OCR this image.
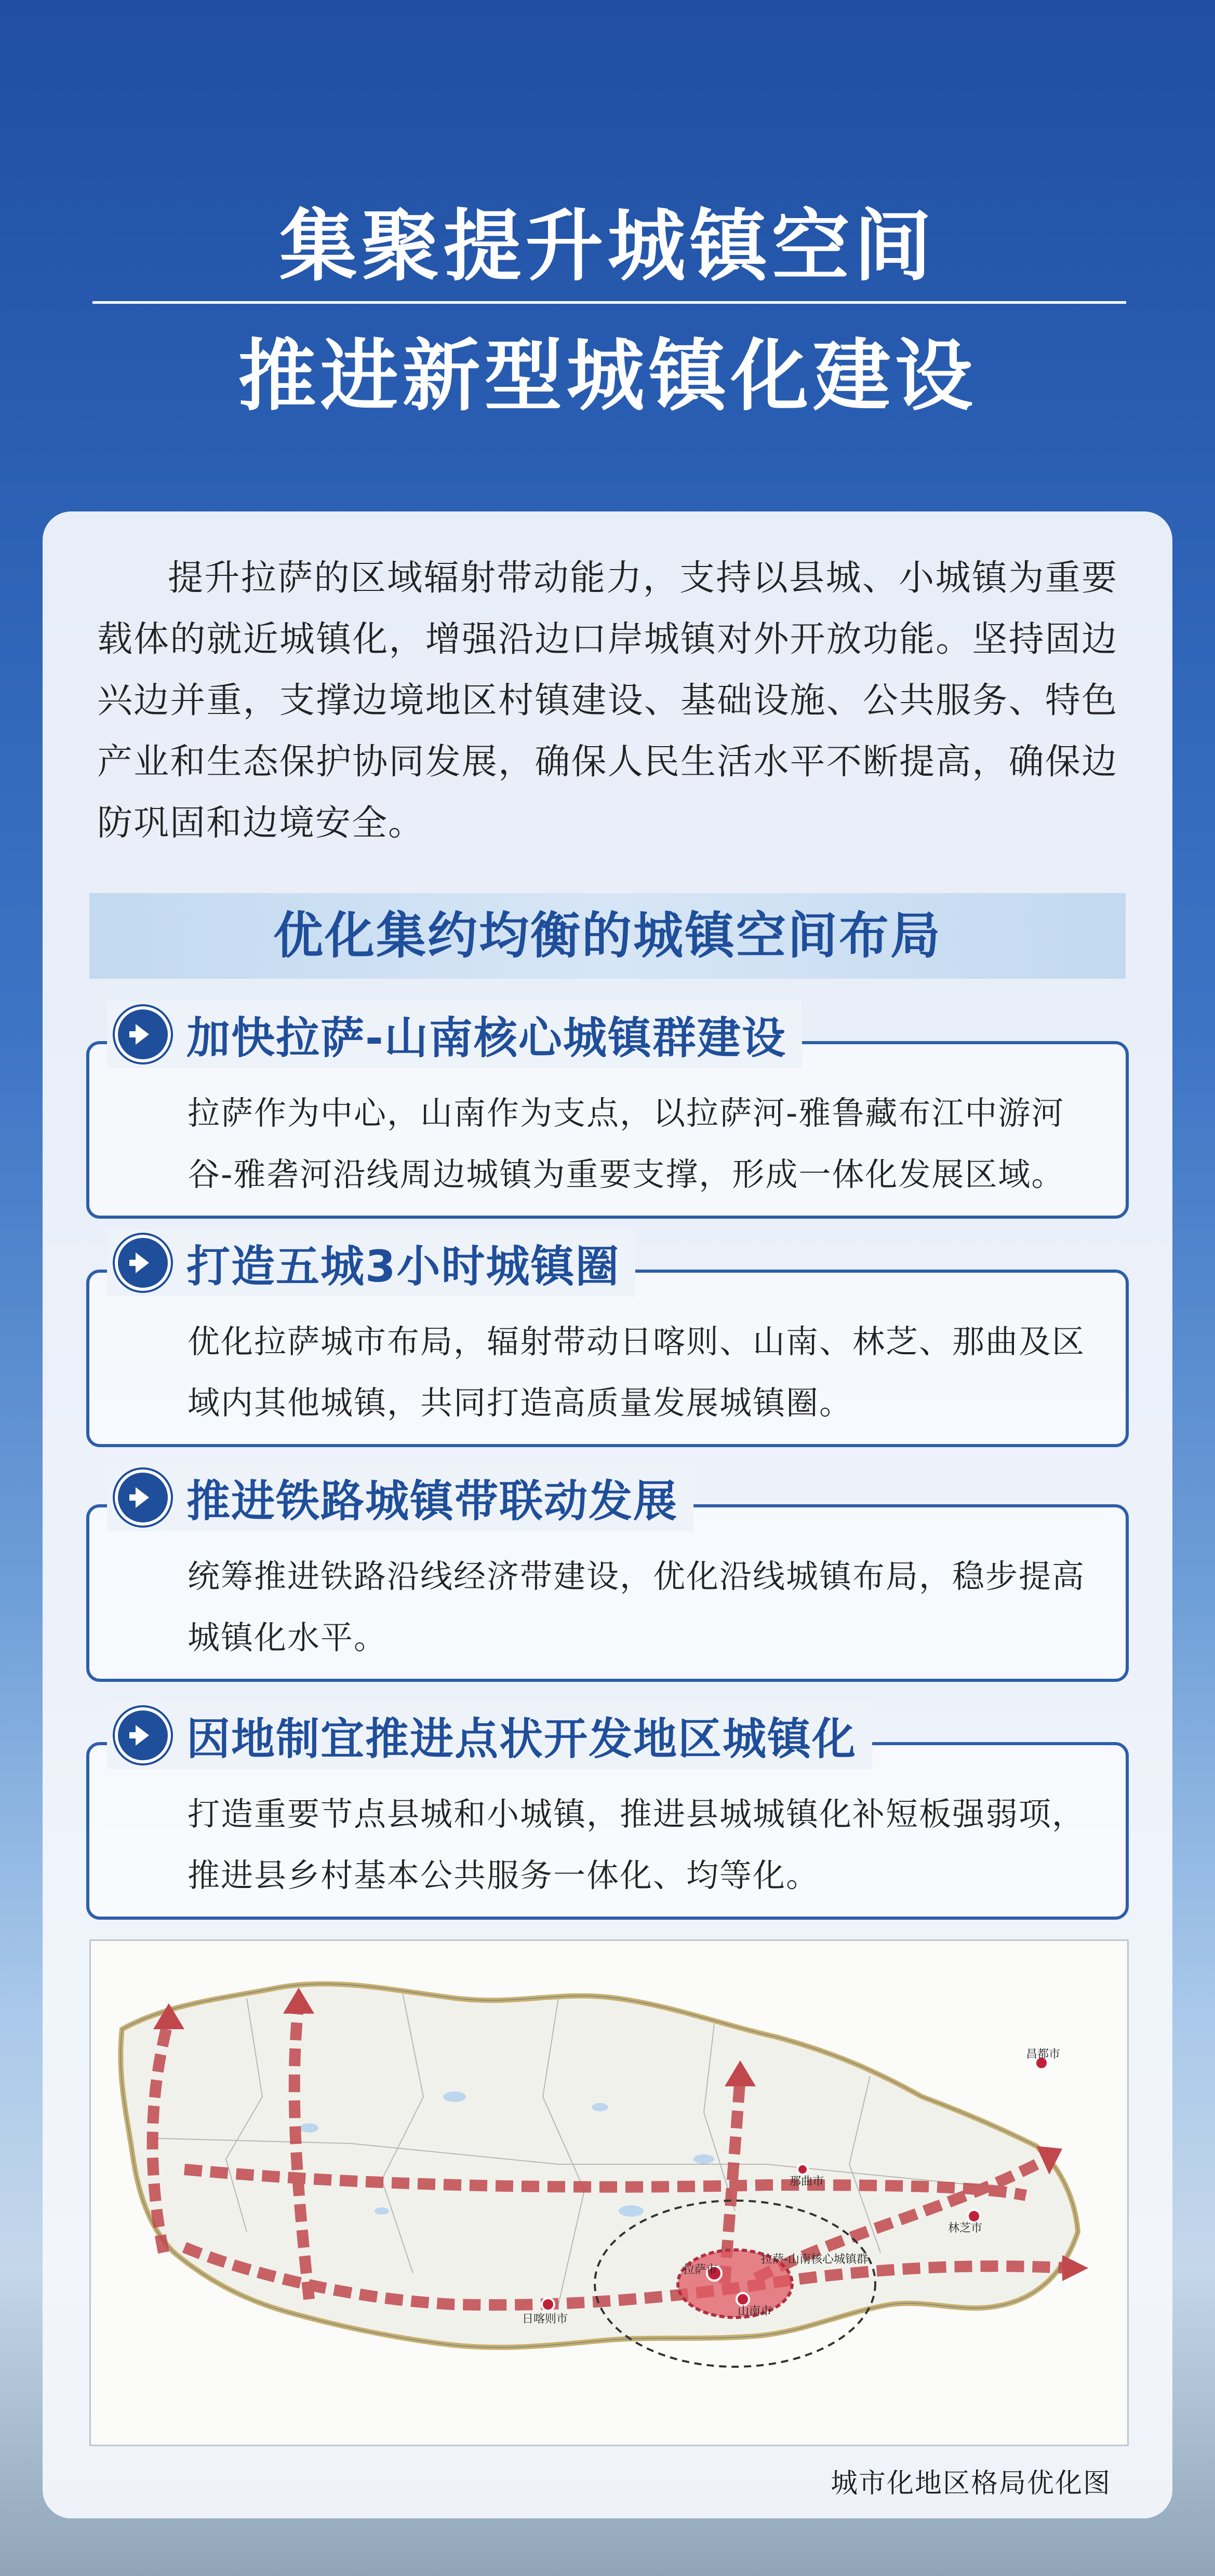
集聚提升城镇空间
推进新型城镇化建设
提升拉萨的区域辐射带动能力，支持以县城、小城镇为重要载体的就近城镇化，增强沿边口岸城镇对外开放功能。坚持固边兴边并重，支撑边境地区村镇建设、基础设施、公共服务、特色产业和生态保护协同发展，确保人民生活水平不断提高，确保边防巩固和边境安全。
优化集约均衡的城镇空间布局
加快拉萨-山南核心城镇群建设
拉萨作为中心，山南作为支点，以拉萨河-雅鲁藏布江中游河谷-雅砻河沿线周边城镇为重要支撑，形成一体化发展区域。
打造五城3小时城镇圈
优化拉萨城市布局，辐射带动日喀则、山南、林芝、那曲及区域内其他城镇，共同打造高质量发展城镇圈。
推进铁路城镇带联动发展
统筹推进铁路沿线经济带建设，优化沿线城镇布局，稳步提高城镇化水平。
因地制宜推进点状开发地区城镇化
打造重要节点县城和小城镇，推进县城城镇化补短板强弱项，推进县乡村基本公共服务一体化、均等化。
拉萨-山南核心城镇群
拉萨市
山南市
日喀则市
林芝市
那曲市
昌都市
城市化地区格局优化图
